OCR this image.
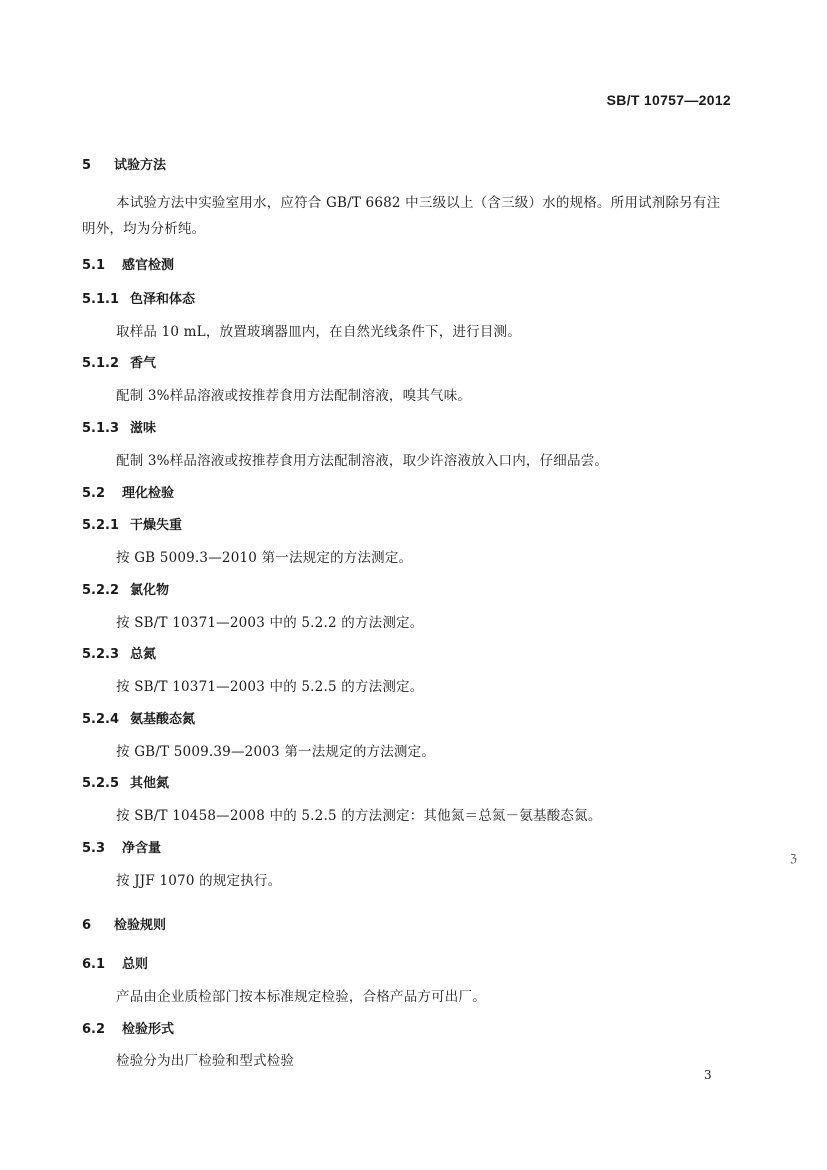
SB/T 10757—2012
5 试验方法
本试验方法中实验室用水，应符合 GB/T 6682 中三级以上（含三级）水的规格。所用试剂除另有注
明外，均为分析纯。
5.1 感官检测
5.1.1 色泽和体态
取样品 10 mL，放置玻璃器皿内，在自然光线条件下，进行目测。
5.1.2 香气
配制 3%样品溶液或按推荐食用方法配制溶液，嗅其气味。
5.1.3 滋味
配制 3%样品溶液或按推荐食用方法配制溶液，取少许溶液放入口内，仔细品尝。
5.2 理化检验
5.2.1 干燥失重
按 GB 5009.3—2010 第一法规定的方法测定。
5.2.2 氯化物
按 SB/T 10371—2003 中的 5.2.2 的方法测定。
5.2.3 总氮
按 SB/T 10371—2003 中的 5.2.5 的方法测定。
5.2.4 氨基酸态氮
按 GB/T 5009.39—2003 第一法规定的方法测定。
5.2.5 其他氮
按 SB/T 10458—2008 中的 5.2.5 的方法测定：其他氮＝总氮－氨基酸态氮。
5.3 净含量
按 JJF 1070 的规定执行。
ℨ
6 检验规则
6.1 总则
产品由企业质检部门按本标准规定检验，合格产品方可出厂。
6.2 检验形式
检验分为出厂检验和型式检验
3
